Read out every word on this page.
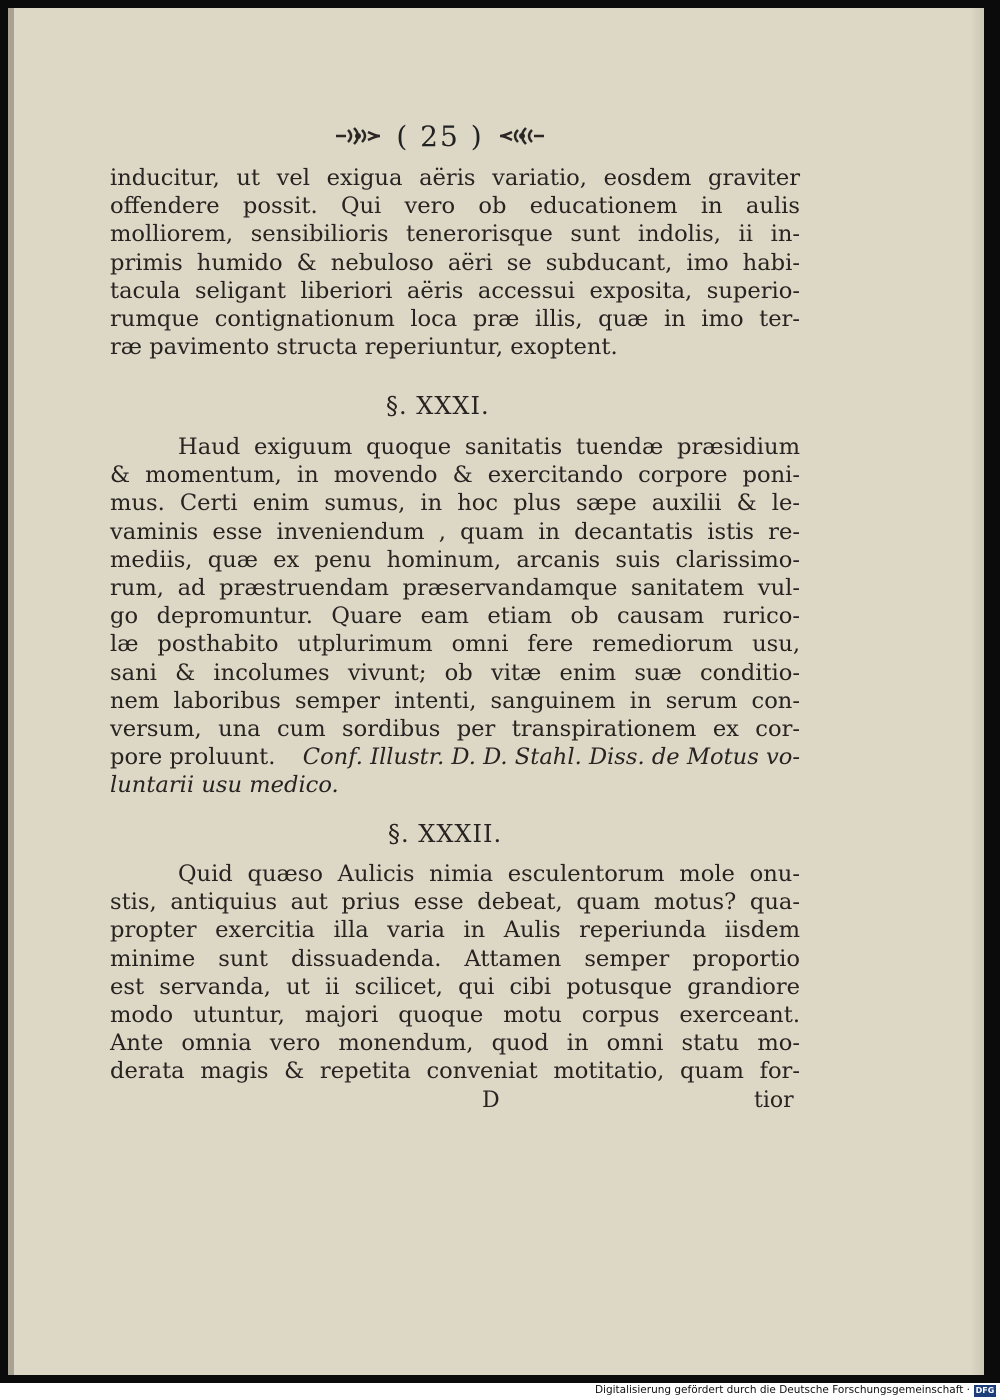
( 25 )
inducitur, ut vel exigua aëris variatio, eosdem graviter
offendere possit. Qui vero ob educationem in aulis
molliorem, sensibilioris tenerorisque sunt indolis, ii in-
primis humido & nebuloso aëri se subducant, imo habi-
tacula seligant liberiori aëris accessui exposita, superio-
rumque contignationum loca præ illis, quæ in imo ter-
ræ pavimento structa reperiuntur, exoptent.
§. XXXI.
Haud exiguum quoque sanitatis tuendæ præsidium
& momentum, in movendo & exercitando corpore poni-
mus. Certi enim sumus, in hoc plus sæpe auxilii & le-
vaminis esse inveniendum , quam in decantatis istis re-
mediis, quæ ex penu hominum, arcanis suis clarissimo-
rum, ad præstruendam præservandamque sanitatem vul-
go depromuntur. Quare eam etiam ob causam rurico-
læ posthabito utplurimum omni fere remediorum usu,
sani & incolumes vivunt; ob vitæ enim suæ conditio-
nem laboribus semper intenti, sanguinem in serum con-
versum, una cum sordibus per transpirationem ex cor-
pore proluunt. Conf. Illustr. D. D. Stahl. Diss. de Motus vo-
luntarii usu medico.
§. XXXII.
Quid quæso Aulicis nimia esculentorum mole onu-
stis, antiquius aut prius esse debeat, quam motus? qua-
propter exercitia illa varia in Aulis reperiunda iisdem
minime sunt dissuadenda. Attamen semper proportio
est servanda, ut ii scilicet, qui cibi potusque grandiore
modo utuntur, majori quoque motu corpus exerceant.
Ante omnia vero monendum, quod in omni statu mo-
derata magis & repetita conveniat motitatio, quam for-
D	tior
Digitalisierung gefördert durch die Deutsche Forschungsgemeinschaft · DFG
